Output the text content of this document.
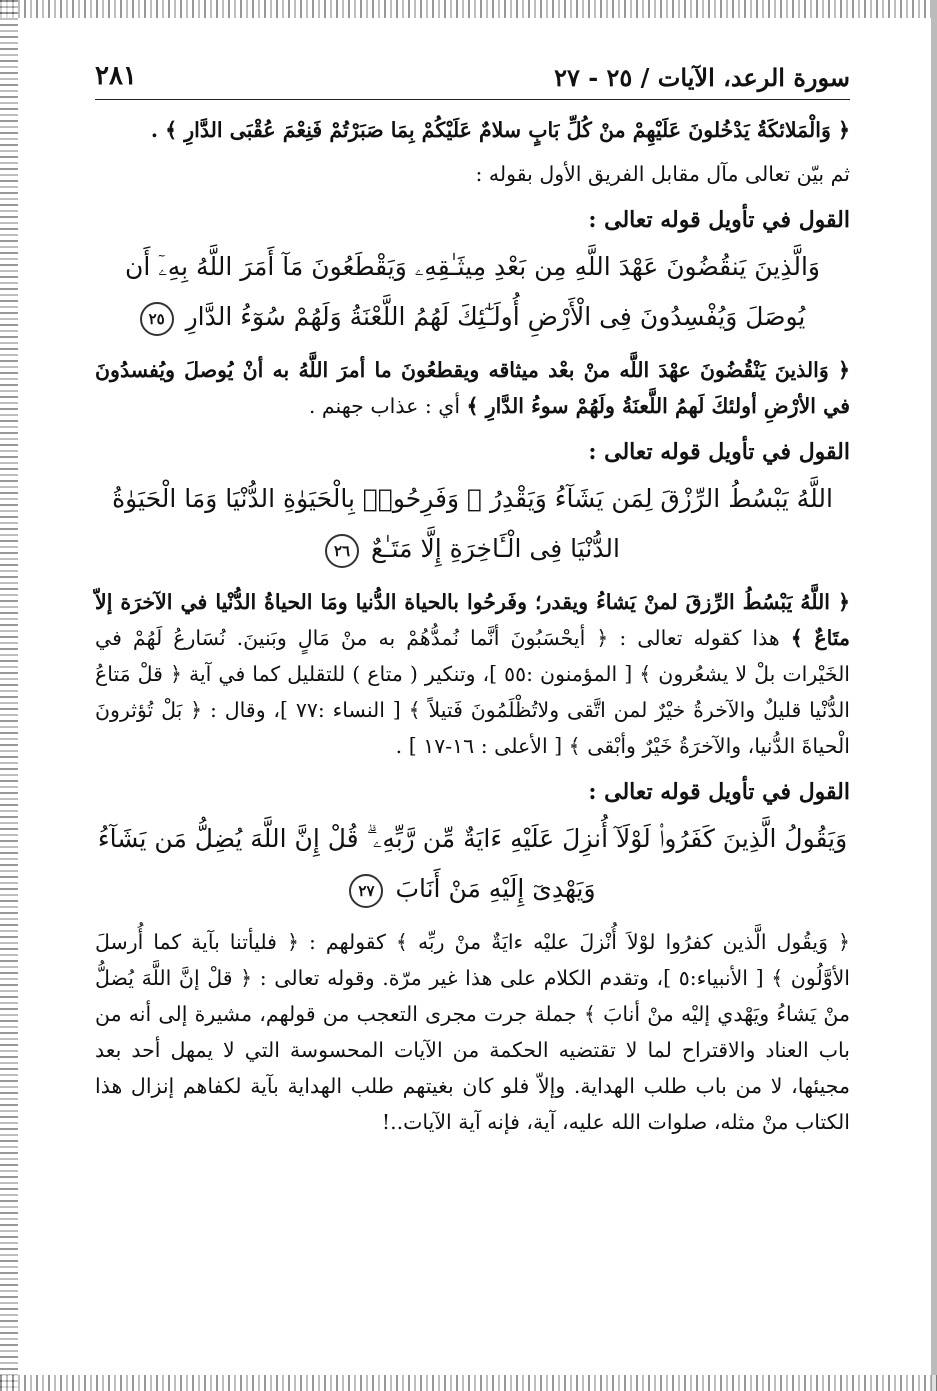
سورة الرعد، الآيات / ٢٥ - ٢٧
٢٨١

﴿ وَالْمَلائكَةُ يَدْخُلونَ عَلَيْهِمْ منْ كُلِّ بَابٍ سلامٌ عَلَيْكُمْ بِمَا صَبَرْتُمْ فَنِعْمَ عُقْبَى الدَّارِ ﴾ .

ثم بيّن تعالى مآل مقابل الفريق الأول بقوله :

القول في تأويل قوله تعالى :
وَالَّذِينَ يَنقُضُونَ عَهْدَ اللَّهِ مِن بَعْدِ مِيثَـٰقِهِۦ وَيَقْطَعُونَ مَآ أَمَرَ اللَّهُ بِهِۦٓ أَن يُوصَلَ وَيُفْسِدُونَ فِى الْأَرْضِ أُولَـٰٓئِكَ لَهُمُ اللَّعْنَةُ وَلَهُمْ سُوٓءُ الدَّارِ ٢٥

﴿ وَالذينَ يَنْقُضُونَ عهْدَ اللَّه منْ بعْد ميثاقه ويقطعُونَ ما أمرَ اللَّهُ به أنْ يُوصلَ ويُفسدُونَ في الأرْضِ أولئكَ لَهمُ اللَّعنَةُ ولَهُمْ سوءُ الدَّارِ ﴾ أي : عذاب جهنم .

القول في تأويل قوله تعالى :
اللَّهُ يَبْسُطُ الرِّزْقَ لِمَن يَشَآءُ وَيَقْدِرُ ۚ وَفَرِحُوا۟ بِالْحَيَوٰةِ الدُّنْيَا وَمَا الْحَيَوٰةُ الدُّنْيَا فِى الْـَٔاخِرَةِ إِلَّا مَتَـٰعٌ ٢٦

﴿ اللَّهُ يَبْسُطُ الرِّزقَ لمنْ يَشاءُ ويقدر؛ وفَرحُوا بالحياة الدُّنيا ومَا الحياةُ الدُّنْيا في الآخرَة إلاّ متَاعٌ ﴾ هذا كقوله تعالى : ﴿ أيحْسَبُونَ أنَّما نُمدُّهُمْ به منْ مَالٍ وبَنينَ. نُسَارعُ لَهُمْ في الخَيْرات بلْ لا يشعُرون ﴾ [ المؤمنون :٥٥ ]، وتنكير ( متاع ) للتقليل كما في آية ﴿ قلْ مَتاعُ الدُّنْيا قليلٌ والآخرةُ خيْرٌ لمن اتَّقى ولاتُظْلَمُونَ فَتيلاً ﴾ [ النساء :٧٧ ]، وقال : ﴿ بَلْ تُؤثرونَ الْحياةَ الدُّنيا، والآخرَةُ خَيْرٌ وأبْقى ﴾ [ الأعلى : ١٦-١٧ ] .

القول في تأويل قوله تعالى :
وَيَقُولُ الَّذِينَ كَفَرُوا۟ لَوْلَآ أُنزِلَ عَلَيْهِ ءَايَةٌ مِّن رَّبِّهِۦ ۗ قُلْ إِنَّ اللَّهَ يُضِلُّ مَن يَشَآءُ وَيَهْدِىٓ إِلَيْهِ مَنْ أَنَابَ ٢٧

﴿ وَيقُول الَّذين كفرُوا لوْلاَ أُنْزلَ عليْه ءايَةٌ منْ ربِّه ﴾ كقولهم : ﴿ فليأتنا بآية كما أُرسلَ الأوَّلُون ﴾ [ الأنبياء:٥ ]، وتقدم الكلام على هذا غير مرّة. وقوله تعالى : ﴿ قلْ إنَّ اللَّهَ يُضلُّ منْ يَشاءُ ويَهْدي إليْه منْ أنابَ ﴾ جملة جرت مجرى التعجب من قولهم، مشيرة إلى أنه من باب العناد والاقتراح لما لا تقتضيه الحكمة من الآيات المحسوسة التي لا يمهل أحد بعد مجيئها، لا من باب طلب الهداية. وإلاّ فلو كان بغيتهم طلب الهداية بآية لكفاهم إنزال هذا الكتاب منْ مثله، صلوات الله عليه، آية، فإنه آية الآيات..!
